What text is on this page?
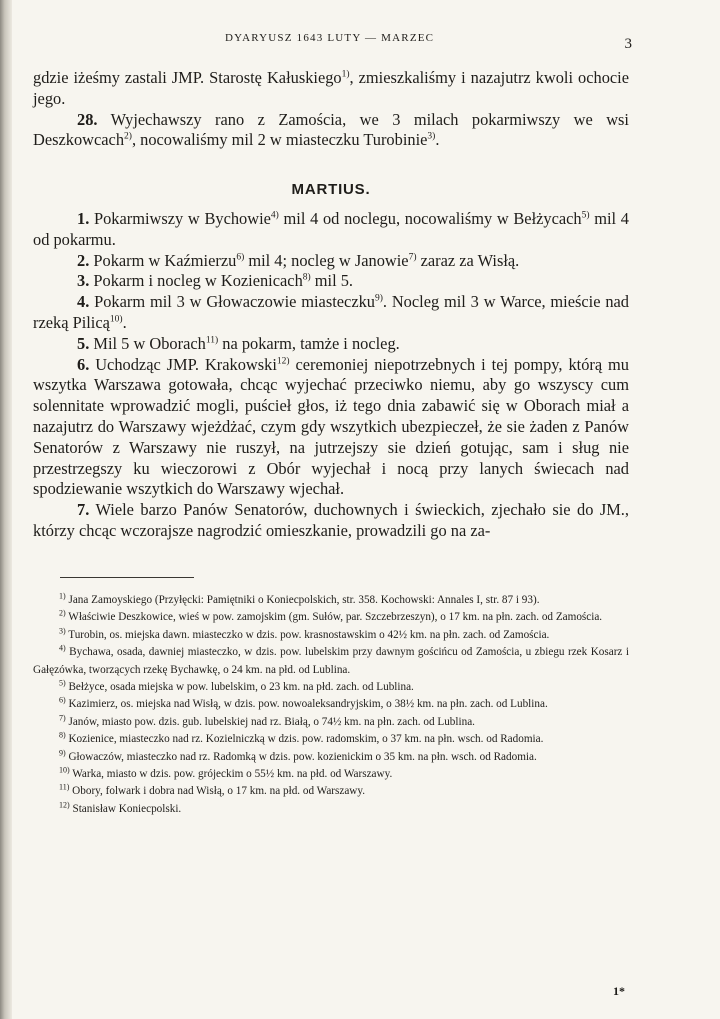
DYARYUSZ 1643 LUTY — MARZEC	3

gdzie iżeśmy zastali JMP. Starostę Kałuskiego$^{1)}$, zmieszkaliśmy i nazajutrz kwoli ochocie jego.

28. Wyjechawszy rano z Zamościa, we 3 milach pokarmiwszy we wsi Deszkowcach$^{2)}$, nocowaliśmy mil 2 w miasteczku Turobinie$^{3)}$.

MARTIUS.

1. Pokarmiwszy w Bychowie$^{4)}$ mil 4 od noclegu, nocowaliśmy w Bełżycach$^{5)}$ mil 4 od pokarmu.

2. Pokarm w Kaźmierzu$^{6)}$ mil 4; nocleg w Janowie$^{7)}$ zaraz za Wisłą.

3. Pokarm i nocleg w Kozienicach$^{8)}$ mil 5.

4. Pokarm mil 3 w Głowaczowie miasteczku$^{9)}$. Nocleg mil 3 w Warce, mieście nad rzeką Pilicą$^{10)}$.

5. Mil 5 w Oborach$^{11)}$ na pokarm, tamże i nocleg.

6. Uchodząc JMP. Krakowski$^{12)}$ ceremoniej niepotrzebnych i tej pompy, którą mu wszytka Warszawa gotowała, chcąc wyjechać przeciwko niemu, aby go wszyscy cum solennitate wprowadzić mogli, puścieł głos, iż tego dnia zabawić się w Oborach miał a nazajutrz do Warszawy wjeżdżać, czym gdy wszytkich ubezpieczeł, że sie żaden z Panów Senatorów z Warszawy nie ruszył, na jutrzejszy sie dzień gotując, sam i sług nie przestrzegszy ku wieczorowi z Obór wyjechał i nocą przy lanych świecach nad spodziewanie wszytkich do Warszawy wjechał.

7. Wiele barzo Panów Senatorów, duchownych i świeckich, zjechało sie do JM., którzy chcąc wczorajsze nagrodzić omieszkanie, prowadzili go na za-

$^{1)}$ Jana Zamoyskiego (Przyłęcki: Pamiętniki o Koniecpolskich, str. 358. Kochowski: Annales I, str. 87 i 93).

$^{2)}$ Właściwie Deszkowice, wieś w pow. zamojskim (gm. Sułów, par. Szczebrzeszyn), o 17 km. na płn. zach. od Zamościa.

$^{3)}$ Turobin, os. miejska dawn. miasteczko w dzis. pow. krasnostawskim o 42½ km. na płn. zach. od Zamościa.

$^{4)}$ Bychawa, osada, dawniej miasteczko, w dzis. pow. lubelskim przy dawnym gościńcu od Zamościa, u zbiegu rzek Kosarz i Gałęzówka, tworzących rzekę Bychawkę, o 24 km. na płd. od Lublina.

$^{5)}$ Bełżyce, osada miejska w pow. lubelskim, o 23 km. na płd. zach. od Lublina.

$^{6)}$ Kazimierz, os. miejska nad Wisłą, w dzis. pow. nowoaleksandryjskim, o 38½ km. na płn. zach. od Lublina.

$^{7)}$ Janów, miasto pow. dzis. gub. lubelskiej nad rz. Białą, o 74½ km. na płn. zach. od Lublina.

$^{8)}$ Kozienice, miasteczko nad rz. Kozielniczką w dzis. pow. radomskim, o 37 km. na płn. wsch. od Radomia.

$^{9)}$ Głowaczów, miasteczko nad rz. Radomką w dzis. pow. kozienickim o 35 km. na płn. wsch. od Radomia.

$^{10)}$ Warka, miasto w dzis. pow. grójeckim o 55½ km. na płd. od Warszawy.

$^{11)}$ Obory, folwark i dobra nad Wisłą, o 17 km. na płd. od Warszawy.

$^{12)}$ Stanisław Koniecpolski.

1*
